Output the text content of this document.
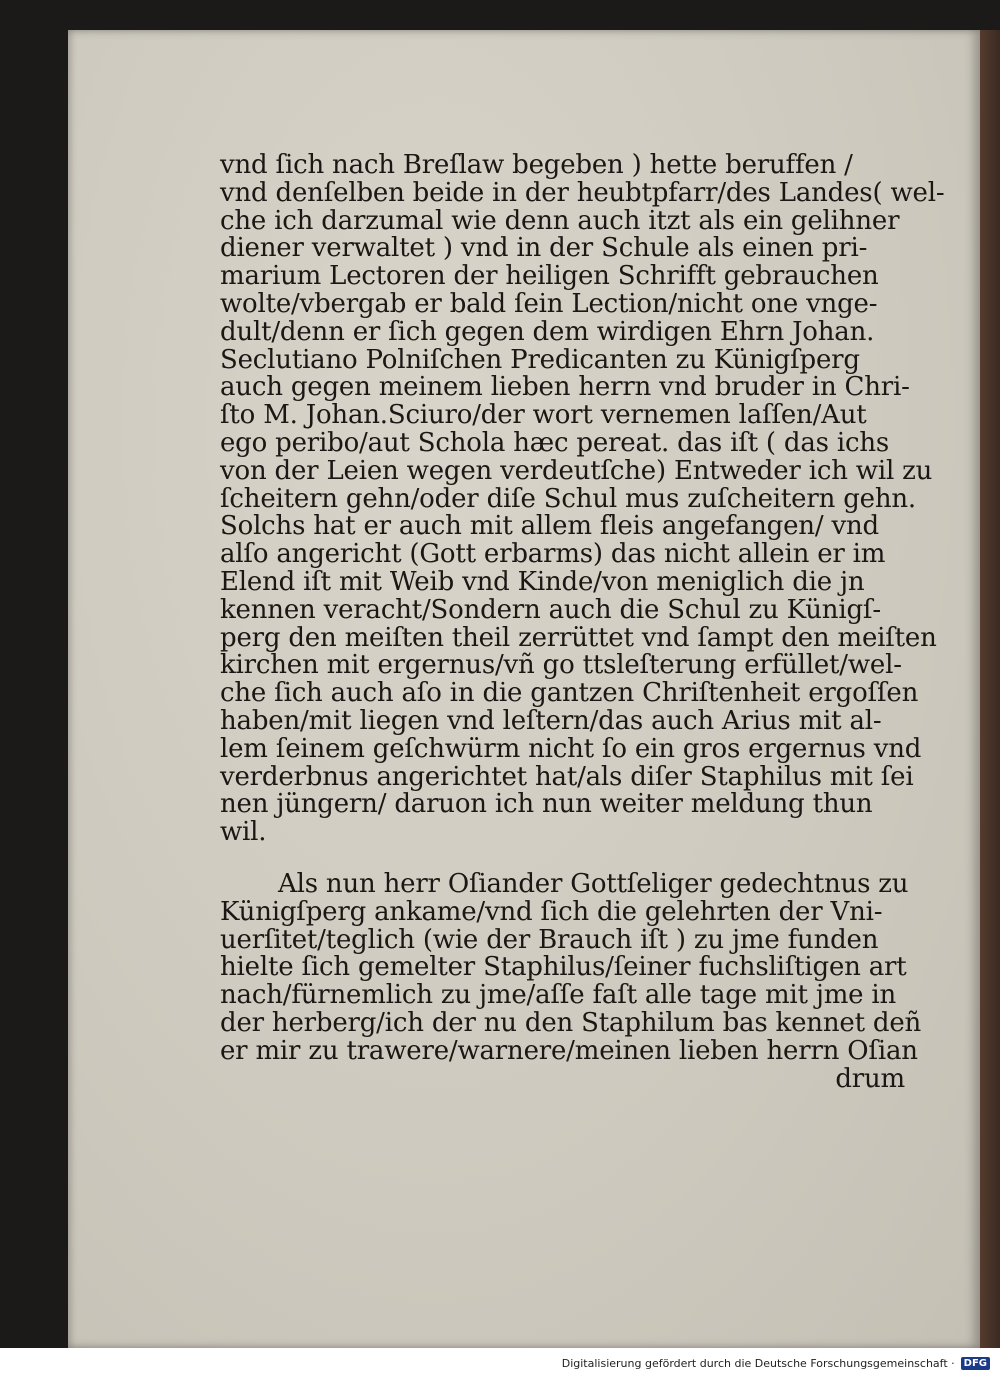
vnd ſich nach Breſlaw begeben ) hette beruffen /
vnd denſelben beide in der heubtpfarr/des Landes( wel-
che ich darzumal wie denn auch itzt als ein gelihner
diener verwaltet ) vnd in der Schule als einen pri-
marium Lectoren der heiligen Schrifft gebrauchen
wolte/vbergab er bald ſein Lection/nicht one vnge-
dult/denn er ſich gegen dem wirdigen Ehrn Johan.
Seclutiano Polniſchen Predicanten zu Künigſperg
auch gegen meinem lieben herrn vnd bruder in Chri-
ſto M. Johan.Sciuro/der wort vernemen laſſen/Aut
ego peribo/aut Schola hæc pereat. das iſt ( das ichs
von der Leien wegen verdeutſche) Entweder ich wil zu
ſcheitern gehn/oder diſe Schul mus zuſcheitern gehn.
Solchs hat er auch mit allem fleis angefangen/ vnd
alſo angericht (Gott erbarms) das nicht allein er im
Elend iſt mit Weib vnd Kinde/von meniglich die jn
kennen veracht/Sondern auch die Schul zu Künigſ-
perg den meiſten theil zerrüttet vnd ſampt den meiſten
kirchen mit ergernus/vñ go ttsleſterung erfüllet/wel-
che ſich auch aſo in die gantzen Chriſtenheit ergoſſen
haben/mit liegen vnd leſtern/das auch Arius mit al-
lem ſeinem geſchwürm nicht ſo ein gros ergernus vnd
verderbnus angerichtet hat/als diſer Staphilus mit ſei
nen jüngern/ daruon ich nun weiter meldung thun
wil.
Als nun herr Oſiander Gottſeliger gedechtnus zu
Künigſperg ankame/vnd ſich die gelehrten der Vni-
uerſitet/teglich (wie der Brauch iſt ) zu jme funden
hielte ſich gemelter Staphilus/ſeiner fuchsliſtigen art
nach/fürnemlich zu jme/aſſe faſt alle tage mit jme in
der herberg/ich der nu den Staphilum bas kennet deñ
er mir zu trawere/warnere/meinen lieben herrn Oſian
drum
Digitalisierung gefördert durch die Deutsche Forschungsgemeinschaft · DFG
